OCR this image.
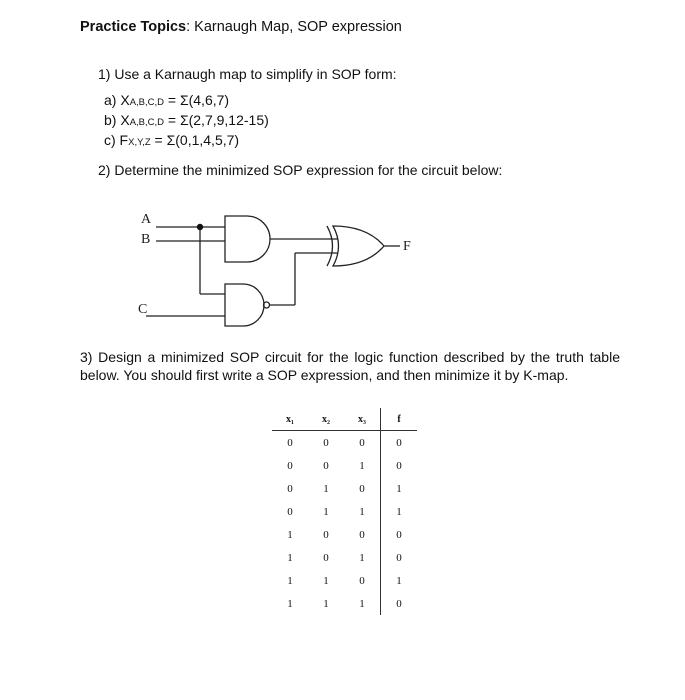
Practice Topics: Karnaugh Map, SOP expression
1) Use a Karnaugh map to simplify in SOP form:
a) XA,B,C,D = Σ(4,6,7)
b) XA,B,C,D = Σ(2,7,9,12-15)
c) FX,Y,Z = Σ(0,1,4,5,7)
2) Determine the minimized SOP expression for the circuit below:
A
B
C
F
3) Design a minimized SOP circuit for the logic function described by the truth table below. You should first write a SOP expression, and then minimize it by K-map.
x₁	x₂	x₃	f
0	0	0	0
0	0	1	0
0	1	0	1
0	1	1	1
1	0	0	0
1	0	1	0
1	1	0	1
1	1	1	0
